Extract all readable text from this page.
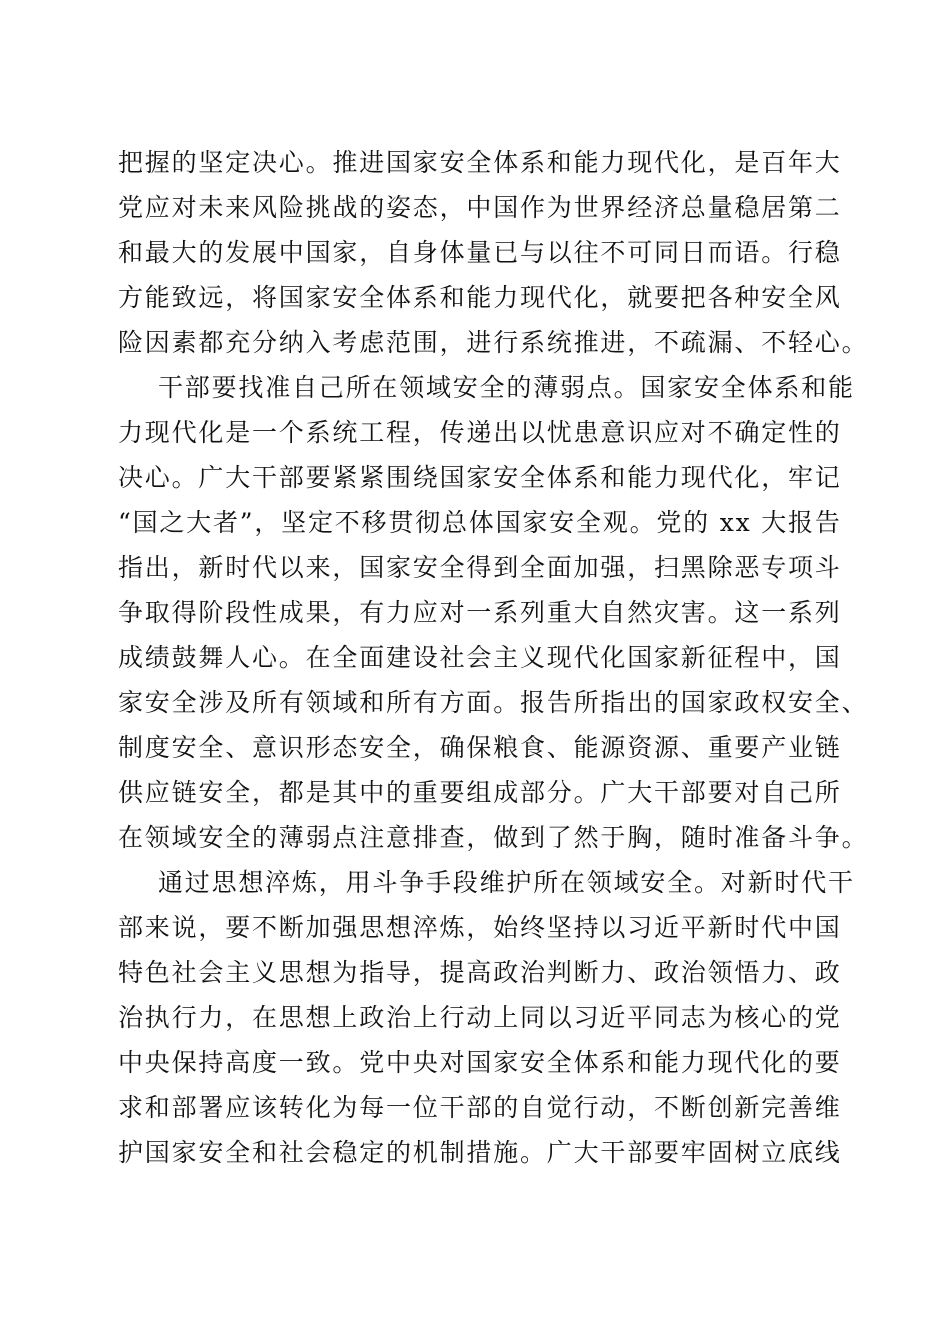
把握的坚定决心。推进国家安全体系和能力现代化，是百年大
党应对未来风险挑战的姿态，中国作为世界经济总量稳居第二
和最大的发展中国家，自身体量已与以往不可同日而语。行稳
方能致远，将国家安全体系和能力现代化，就要把各种安全风
险因素都充分纳入考虑范围，进行系统推进，不疏漏、不轻心。
干部要找准自己所在领域安全的薄弱点。国家安全体系和能
力现代化是一个系统工程，传递出以忧患意识应对不确定性的
决心。广大干部要紧紧围绕国家安全体系和能力现代化，牢记
“国之大者”，坚定不移贯彻总体国家安全观。党的 xx 大报告
指出，新时代以来，国家安全得到全面加强，扫黑除恶专项斗
争取得阶段性成果，有力应对一系列重大自然灾害。这一系列
成绩鼓舞人心。在全面建设社会主义现代化国家新征程中，国
家安全涉及所有领域和所有方面。报告所指出的国家政权安全、
制度安全、意识形态安全，确保粮食、能源资源、重要产业链
供应链安全，都是其中的重要组成部分。广大干部要对自己所
在领域安全的薄弱点注意排查，做到了然于胸，随时准备斗争。
通过思想淬炼，用斗争手段维护所在领域安全。对新时代干
部来说，要不断加强思想淬炼，始终坚持以习近平新时代中国
特色社会主义思想为指导，提高政治判断力、政治领悟力、政
治执行力，在思想上政治上行动上同以习近平同志为核心的党
中央保持高度一致。党中央对国家安全体系和能力现代化的要
求和部署应该转化为每一位干部的自觉行动，不断创新完善维
护国家安全和社会稳定的机制措施。广大干部要牢固树立底线
